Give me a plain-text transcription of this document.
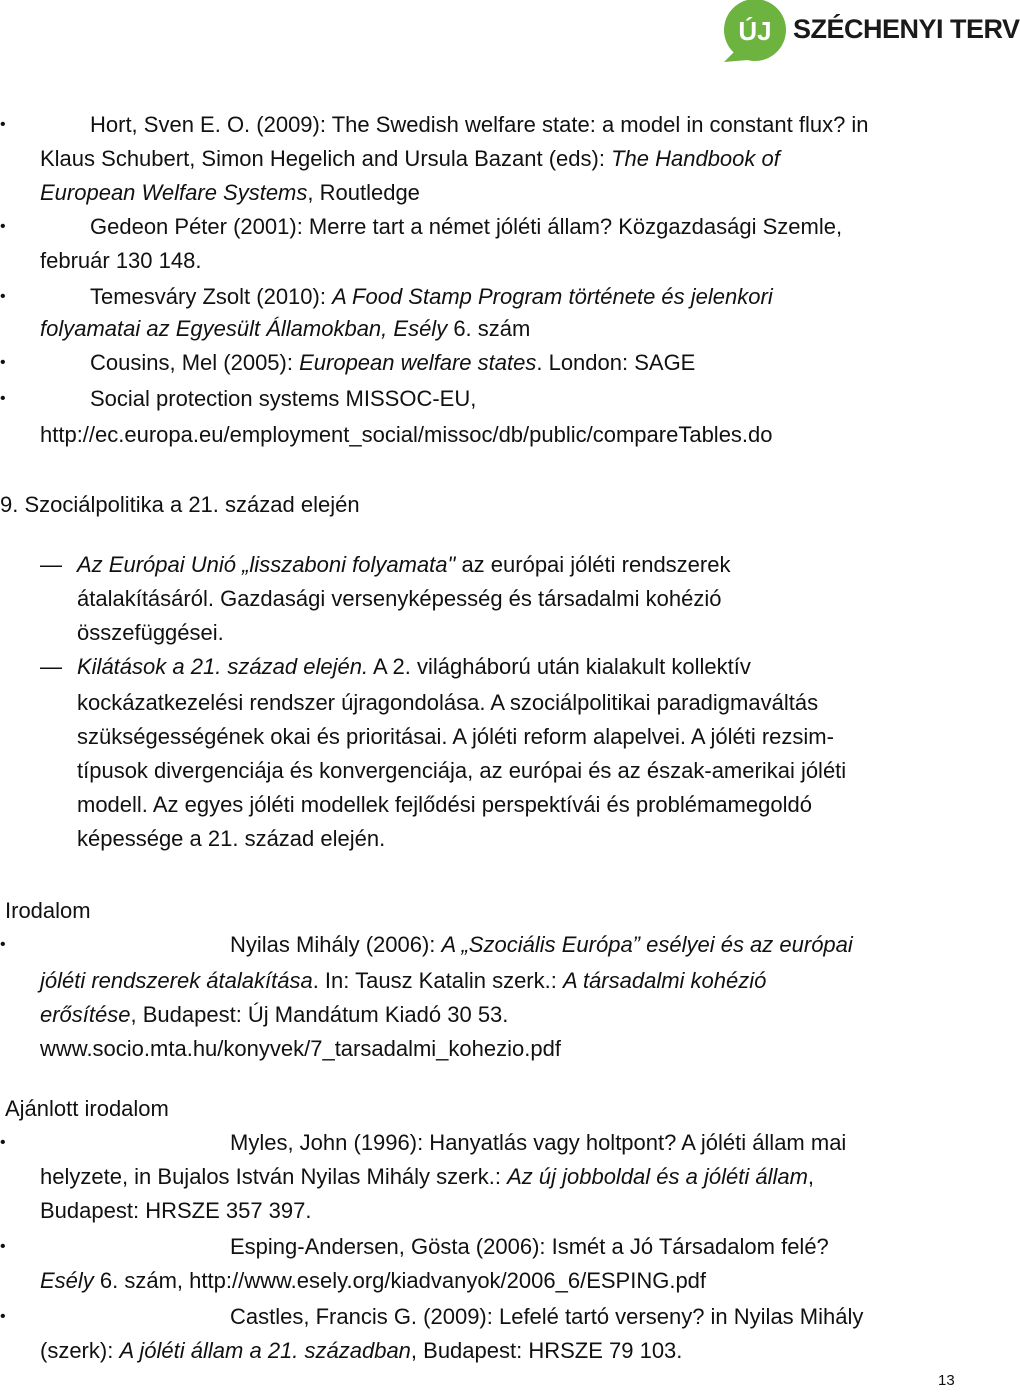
ÚJ SZÉCHENYI TERV
•	Hort, Sven E. O. (2009): The Swedish welfare state: a model in constant flux? in
Klaus Schubert, Simon Hegelich and Ursula Bazant (eds): The Handbook of
European Welfare Systems, Routledge
•	Gedeon Péter (2001): Merre tart a német jóléti állam? Közgazdasági Szemle,
február 130 148.
•	Temesváry Zsolt (2010): A Food Stamp Program története és jelenkori
folyamatai az Egyesült Államokban, Esély 6. szám
•	Cousins, Mel (2005): European welfare states. London: SAGE
•	Social protection systems MISSOC-EU,
http://ec.europa.eu/employment_social/missoc/db/public/compareTables.do
9. Szociálpolitika a 21. század elején
— Az Európai Unió „lisszaboni folyamata" az európai jóléti rendszerek
átalakításáról. Gazdasági versenyképesség és társadalmi kohézió
összefüggései.
— Kilátások a 21. század elején. A 2. világháború után kialakult kollektív
kockázatkezelési rendszer újragondolása. A szociálpolitikai paradigmaváltás
szükségességének okai és prioritásai. A jóléti reform alapelvei. A jóléti rezsim-
típusok divergenciája és konvergenciája, az európai és az észak-amerikai jóléti
modell. Az egyes jóléti modellek fejlődési perspektívái és problémamegoldó
képessége a 21. század elején.
Irodalom
•	Nyilas Mihály (2006): A „Szociális Európa” esélyei és az európai
jóléti rendszerek átalakítása. In: Tausz Katalin szerk.: A társadalmi kohézió
erősítése, Budapest: Új Mandátum Kiadó 30 53.
www.socio.mta.hu/konyvek/7_tarsadalmi_kohezio.pdf
Ajánlott irodalom
•	Myles, John (1996): Hanyatlás vagy holtpont? A jóléti állam mai
helyzete, in Bujalos István Nyilas Mihály szerk.: Az új jobboldal és a jóléti állam,
Budapest: HRSZE 357 397.
•	Esping-Andersen, Gösta (2006): Ismét a Jó Társadalom felé?
Esély 6. szám, http://www.esely.org/kiadvanyok/2006_6/ESPING.pdf
•	Castles, Francis G. (2009): Lefelé tartó verseny? in Nyilas Mihály
(szerk): A jóléti állam a 21. században, Budapest: HRSZE 79 103.
13
